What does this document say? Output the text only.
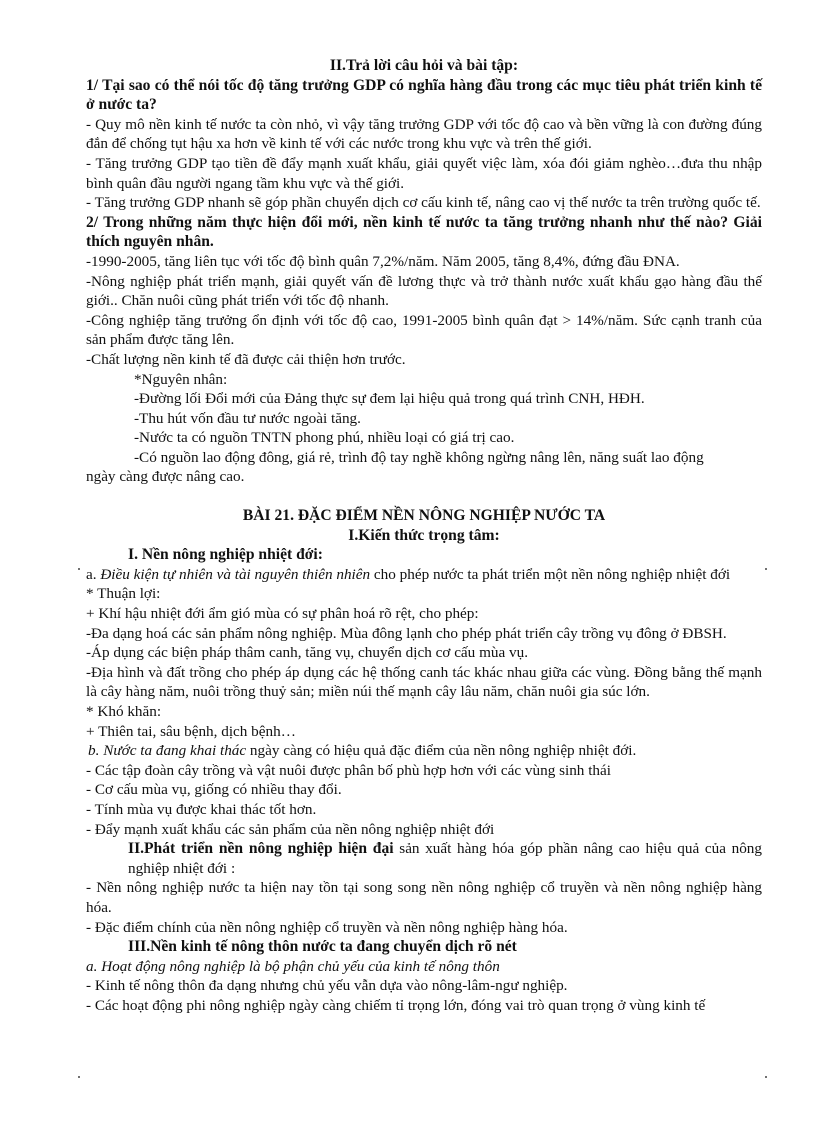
II.Trả lời câu hỏi và bài tập:
1/ Tại sao có thể nói tốc độ tăng trưởng GDP có nghĩa hàng đầu trong các mục tiêu phát triển kinh tế ở nước ta?
- Quy mô nền kinh tế nước ta còn nhỏ, vì vậy tăng trưởng GDP với tốc độ cao và bền vững là con đường đúng đắn để chống tụt hậu xa hơn về kinh tế với các nước trong khu vực và trên thế giới.
- Tăng trưởng GDP tạo tiền đề đẩy mạnh xuất khẩu, giải quyết việc làm, xóa đói giảm nghèo…đưa thu nhập bình quân đầu người ngang tầm khu vực và thế giới.
- Tăng trưởng GDP nhanh sẽ góp phần chuyển dịch cơ cấu kinh tế, nâng cao vị thế nước ta trên trường quốc tế.
2/ Trong những năm thực hiện đổi mới, nền kinh tế nước ta tăng trưởng nhanh như thế nào? Giải thích nguyên nhân.
-1990-2005, tăng liên tục với tốc độ bình quân 7,2%/năm. Năm 2005, tăng 8,4%, đứng đầu ĐNA.
-Nông nghiệp phát triển mạnh, giải quyết vấn đề lương thực và trở thành nước xuất khẩu gạo hàng đầu thế giới.. Chăn nuôi cũng phát triển với tốc độ nhanh.
-Công nghiệp tăng trưởng ổn định với tốc độ cao, 1991-2005 bình quân đạt > 14%/năm. Sức cạnh tranh của sản phẩm được tăng lên.
-Chất lượng nền kinh tế đã được cải thiện hơn trước.
*Nguyên nhân:
-Đường lối Đổi mới của Đảng thực sự đem lại hiệu quả trong quá trình CNH, HĐH.
-Thu hút vốn đầu tư nước ngoài tăng.
-Nước ta có nguồn TNTN phong phú, nhiều loại có giá trị cao.
-Có nguồn lao động đông, giá rẻ, trình độ tay nghề không ngừng nâng lên, năng suất lao động
ngày càng được nâng cao.
BÀI 21. ĐẶC ĐIỂM NỀN NÔNG NGHIỆP NƯỚC TA
I.Kiến thức trọng tâm:
I. Nền nông nghiệp nhiệt đới:
a. Điều kiện tự nhiên và tài nguyên thiên nhiên cho phép nước ta phát triển một nền nông nghiệp nhiệt đới
* Thuận lợi:
+ Khí hậu nhiệt đới ẩm gió mùa có sự phân hoá rõ rệt, cho phép:
-Đa dạng hoá các sản phẩm nông nghiệp. Mùa đông lạnh cho phép phát triển cây trồng vụ đông ở ĐBSH.
-Áp dụng các biện pháp thâm canh, tăng vụ, chuyển dịch cơ cấu mùa vụ.
-Địa hình và đất trồng cho phép áp dụng các hệ thống canh tác khác nhau giữa các vùng. Đồng bằng thế mạnh là cây hàng năm, nuôi trồng thuỷ sản; miền núi thế mạnh cây lâu năm, chăn nuôi gia súc lớn.
* Khó khăn:
+ Thiên tai, sâu bệnh, dịch bệnh…
b. Nước ta đang khai thác ngày càng có hiệu quả đặc điểm của nền nông nghiệp nhiệt đới.
- Các tập đoàn cây trồng và vật nuôi được phân bố phù hợp hơn với các vùng sinh thái
- Cơ cấu mùa vụ, giống có nhiều thay đổi.
- Tính mùa vụ được khai thác tốt hơn.
- Đẩy mạnh xuất khẩu các sản phẩm của nền nông nghiệp nhiệt đới
II.Phát triển nền nông nghiệp hiện đại sản xuất hàng hóa góp phần nâng cao hiệu quả của nông nghiệp nhiệt đới :
- Nền nông nghiệp nước ta hiện nay tồn tại song song nền nông nghiệp cổ truyền và nền nông nghiệp hàng hóa.
- Đặc điểm chính của nền nông nghiệp cổ truyền và nền nông nghiệp hàng hóa.
III.Nền kinh tế nông thôn nước ta đang chuyển dịch rõ nét
a. Hoạt động nông nghiệp là bộ phận chủ yếu của kinh tế nông thôn
- Kinh tế nông thôn đa dạng nhưng chủ yếu vẫn dựa vào nông-lâm-ngư nghiệp.
- Các hoạt động phi nông nghiệp ngày càng chiếm tỉ trọng lớn, đóng vai trò quan trọng ở vùng kinh tế
